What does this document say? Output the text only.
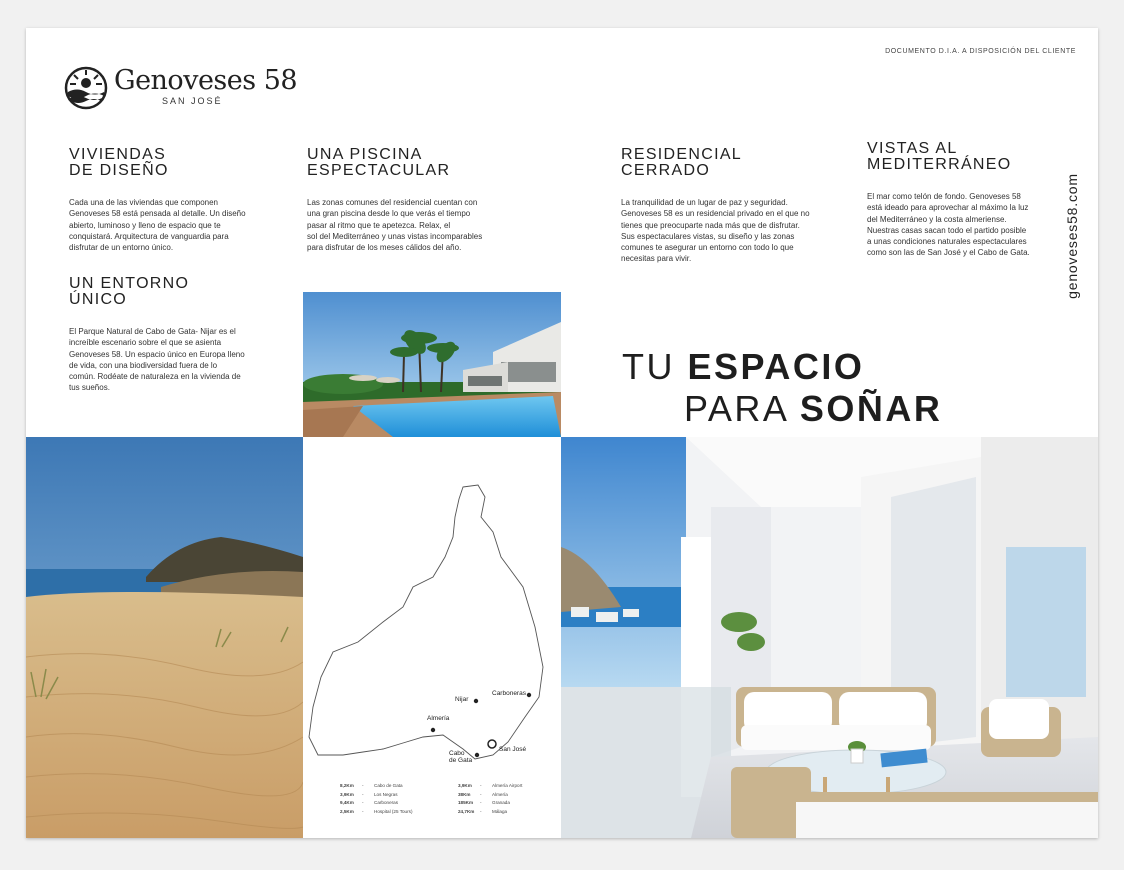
DOCUMENTO D.I.A. A DISPOSICIÓN DEL CLIENTE
Genoveses 58
SAN JOSÉ
VIVIENDAS
DE DISEÑO

Cada una de las viviendas que componen
Genoveses 58 está pensada al detalle. Un diseño
abierto, luminoso y lleno de espacio que te
conquistará. Arquitectura de vanguardia para
disfrutar de un entorno único.

UN ENTORNO
ÚNICO

El Parque Natural de Cabo de Gata- Nijar es el
increíble escenario sobre el que se asienta
Genoveses 58. Un espacio único en Europa lleno
de vida, con una biodiversidad fuera de lo
común. Rodéate de naturaleza en la vivienda de
tus sueños.

UNA PISCINA
ESPECTACULAR

Las zonas comunes del residencial cuentan con
una gran piscina desde lo que verás el tiempo
pasar al ritmo que te apetezca. Relax, el
sol del Mediterráneo y unas vistas incomparables
para disfrutar de los meses cálidos del año.

RESIDENCIAL
CERRADO

La tranquilidad de un lugar de paz y seguridad.
Genoveses 58 es un residencial privado en el que no
tienes que preocuparte nada más que de disfrutar.
Sus espectaculares vistas, su diseño y las zonas
comunes te asegurar un entorno con todo lo que
necesitas para vivir.

VISTAS AL
MEDITERRÁNEO

El mar como telón de fondo. Genoveses 58
está ideado para aprovechar al máximo la luz
del Mediterráneo y la costa almeriense.
Nuestras casas sacan todo el partido posible
a unas condiciones naturales espectaculares
como son las de San José y el Cabo de Gata.	genoveses58.com
TU ESPACIO
PARA SOÑAR
Nijar
Carboneras
Almería
Cabo
de Gata
San José
8,2Km - Cabo de Gata
3,9Km - Los Negras
9,4Km - Carboneras
2,5Km - Hospital (25 Tours)
3,9Km - Almería Airport
38Km - Almería
185Km - Granada
24,7Km - Málaga
